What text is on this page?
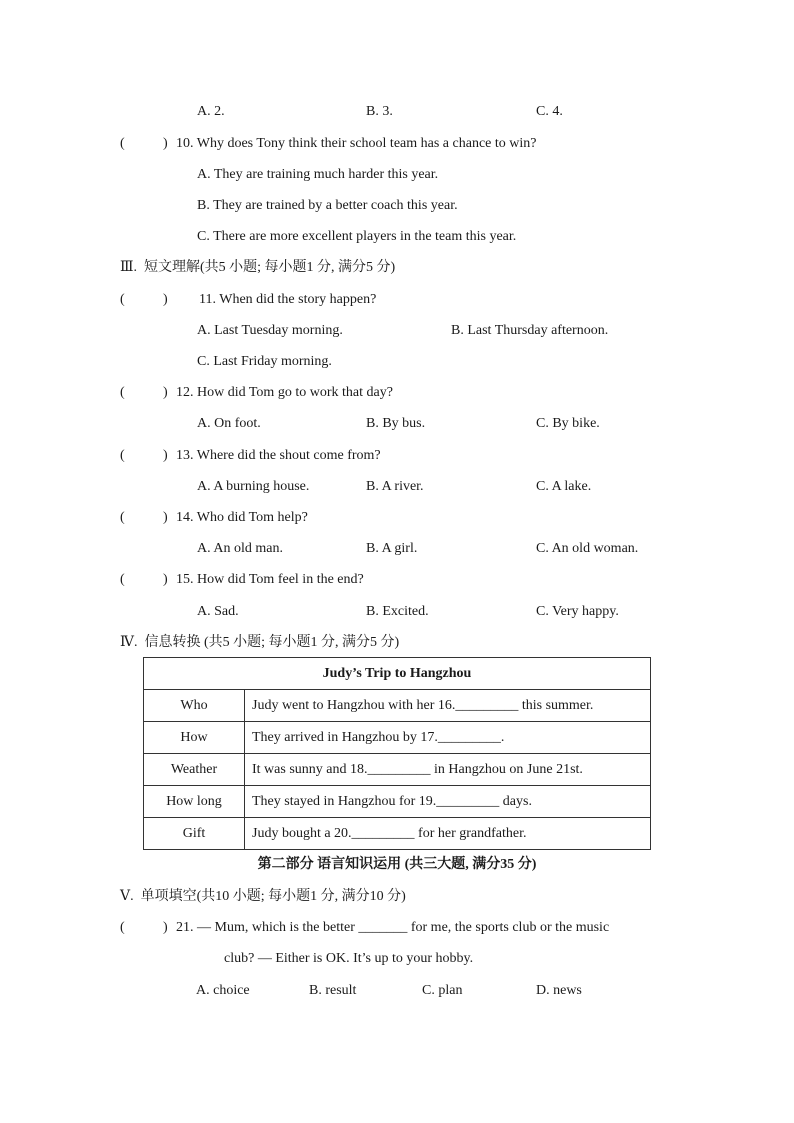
A. 2.	B. 3.	C. 4.
(	) 10. Why does Tony think their school team has a chance to win?
A. They are training much harder this year.
B. They are trained by a better coach this year.
C. There are more excellent players in the team this year.
Ⅲ.  短文理解(共5 小题; 每小题1 分, 满分5 分)
(	) 11. When did the story happen?
A. Last Tuesday morning.	B. Last Thursday afternoon.
C. Last Friday morning.
(	) 12. How did Tom go to work that day?
A. On foot.	B. By bus.	C. By bike.
(	) 13. Where did the shout come from?
A. A burning house.	B. A river.	C. A lake.
(	) 14. Who did Tom help?
A. An old man.	B. A girl.	C. An old woman.
(	) 15. How did Tom feel in the end?
A. Sad.	B. Excited.	C. Very happy.
Ⅳ.  信息转换 (共5 小题; 每小题1 分, 满分5 分)
Judy’s Trip to Hangzhou	
Who	Judy went to Hangzhou with her 16._________ this summer.
How	They arrived in Hangzhou by 17._________.
Weather	It was sunny and 18._________ in Hangzhou on June 21st.
How long	They stayed in Hangzhou for 19._________ days.
Gift	Judy bought a 20._________ for her grandfather.
第二部分 语言知识运用 (共三大题, 满分35 分)
Ⅴ.  单项填空(共10 小题; 每小题1 分, 满分10 分)
(	) 21. — Mum, which is the better _______ for me, the sports club or the music
club? — Either is OK. It’s up to your hobby.
A. choice	B. result	C. plan	D. news
